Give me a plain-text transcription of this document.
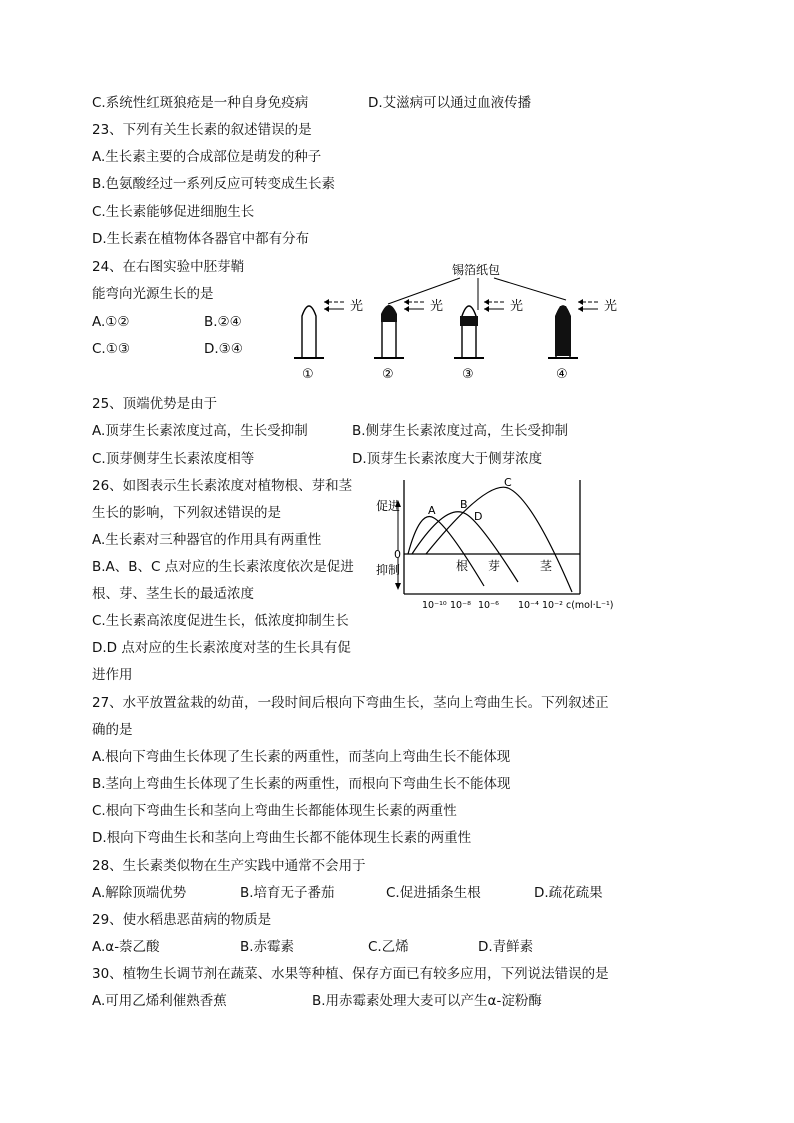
C.系统性红斑狼疮是一种自身免疫病	D.艾滋病可以通过血液传播
23、下列有关生长素的叙述错误的是
A.生长素主要的合成部位是萌发的种子
B.色氨酸经过一系列反应可转变成生长素
C.生长素能够促进细胞生长
D.生长素在植物体各器官中都有分布
24、在右图实验中胚芽鞘
能弯向光源生长的是
A.①②	B.②④
C.①③	D.③④
锡箔纸包
光	光	光	光
①	②	③	④
25、顶端优势是由于
A.顶芽生长素浓度过高，生长受抑制	B.侧芽生长素浓度过高，生长受抑制
C.顶芽侧芽生长素浓度相等	D.顶芽生长素浓度大于侧芽浓度
26、如图表示生长素浓度对植物根、芽和茎
生长的影响，下列叙述错误的是
A.生长素对三种器官的作用具有两重性
B.A、B、C 点对应的生长素浓度依次是促进
根、芽、茎生长的最适浓度
C.生长素高浓度促进生长，低浓度抑制生长
D.D 点对应的生长素浓度对茎的生长具有促
进作用
促进
0
抑制
A B
C
D
根 芽	茎
10⁻¹⁰ 10⁻⁸ 10⁻⁶ 10⁻⁴ 10⁻² c(mol·L⁻¹)
27、水平放置盆栽的幼苗，一段时间后根向下弯曲生长，茎向上弯曲生长。下列叙述正
确的是
A.根向下弯曲生长体现了生长素的两重性，而茎向上弯曲生长不能体现
B.茎向上弯曲生长体现了生长素的两重性，而根向下弯曲生长不能体现
C.根向下弯曲生长和茎向上弯曲生长都能体现生长素的两重性
D.根向下弯曲生长和茎向上弯曲生长都不能体现生长素的两重性
28、生长素类似物在生产实践中通常不会用于
A.解除顶端优势	B.培育无子番茄	C.促进插条生根	D.疏花疏果
29、使水稻患恶苗病的物质是
A.α-萘乙酸	B.赤霉素	C.乙烯	D.青鲜素
30、植物生长调节剂在蔬菜、水果等种植、保存方面已有较多应用，下列说法错误的是
A.可用乙烯利催熟香蕉	B.用赤霉素处理大麦可以产生α-淀粉酶
